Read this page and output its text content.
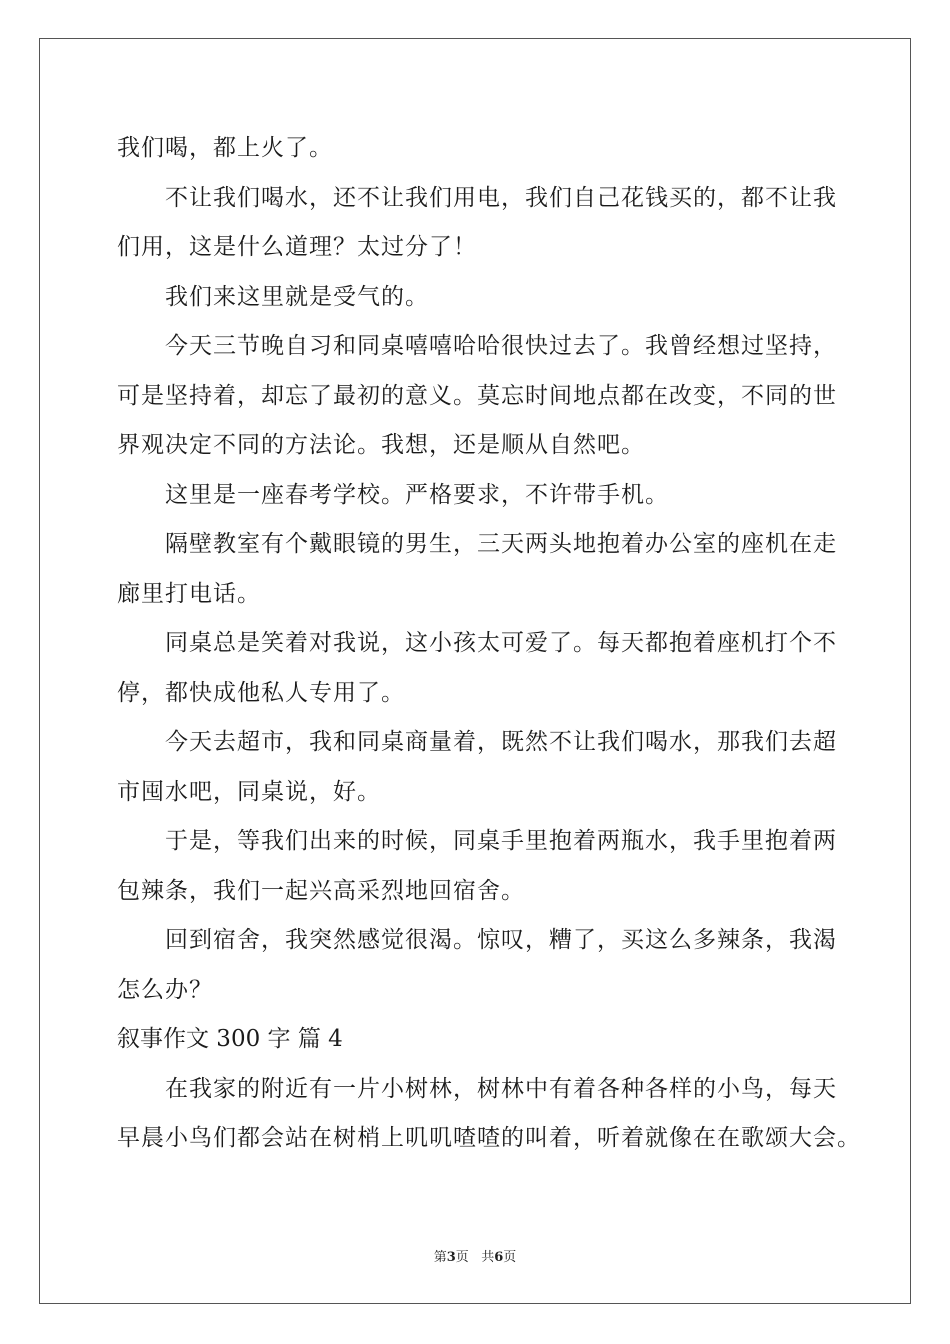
我们喝，都上火了。
不让我们喝水，还不让我们用电，我们自己花钱买的，都不让我
们用，这是什么道理？太过分了！
我们来这里就是受气的。
今天三节晚自习和同桌嘻嘻哈哈很快过去了。我曾经想过坚持，
可是坚持着，却忘了最初的意义。莫忘时间地点都在改变，不同的世
界观决定不同的方法论。我想，还是顺从自然吧。
这里是一座春考学校。严格要求，不许带手机。
隔壁教室有个戴眼镜的男生，三天两头地抱着办公室的座机在走
廊里打电话。
同桌总是笑着对我说，这小孩太可爱了。每天都抱着座机打个不
停，都快成他私人专用了。
今天去超市，我和同桌商量着，既然不让我们喝水，那我们去超
市囤水吧，同桌说，好。
于是，等我们出来的时候，同桌手里抱着两瓶水，我手里抱着两
包辣条，我们一起兴高采烈地回宿舍。
回到宿舍，我突然感觉很渴。惊叹，糟了，买这么多辣条，我渴
怎么办？
叙事作文 300 字 篇 4
在我家的附近有一片小树林，树林中有着各种各样的小鸟，每天
早晨小鸟们都会站在树梢上叽叽喳喳的叫着，听着就像在在歌颂大会。
第3页 共6页
